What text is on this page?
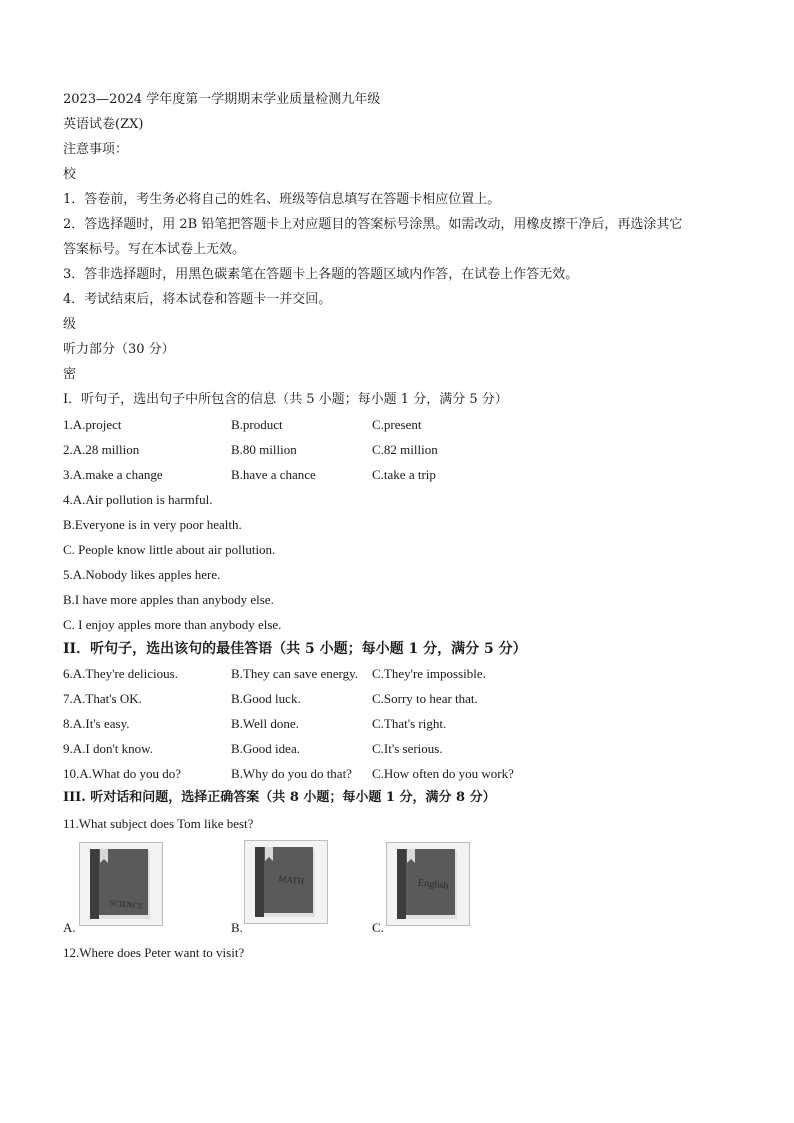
2023—2024 学年度第一学期期末学业质量检测九年级
英语试卷(ZX)
注意事项：
校
1．答卷前，考生务必将自己的姓名、班级等信息填写在答题卡相应位置上。
2．答选择题时，用 2B 铅笔把答题卡上对应题目的答案标号涂黑。如需改动，用橡皮擦干净后，再选涂其它
答案标号。写在本试卷上无效。
3．答非选择题时，用黑色碳素笔在答题卡上各题的答题区域内作答，在试卷上作答无效。
4．考试结束后，将本试卷和答题卡一并交回。
级
听力部分（30 分）
密
I．听句子，选出句子中所包含的信息（共 5 小题；每小题 1 分，满分 5 分）
1.A.project	B.product	C.present
2.A.28 million	B.80 million	C.82 million
3.A.make a change	B.have a chance	C.take a trip
4.A.Air pollution is harmful.
B.Everyone is in very poor health.
C. People know little about air pollution.
5.A.Nobody likes apples here.
B.I have more apples than anybody else.
C. I enjoy apples more than anybody else.
II．听句子，选出该句的最佳答语（共 5 小题；每小题 1 分，满分 5 分）
6.A.They're delicious.	B.They can save energy. C.They're impossible.
7.A.That's OK.	B.Good luck.	C.Sorry to hear that.
8.A.It's easy.	B.Well done.	C.That's right.
9.A.I don't know.	B.Good idea.	C.It's serious.
10.A.What do you do?	B.Why do you do that? C.How often do you work?
III. 听对话和问题，选择正确答案（共 8 小题；每小题 1 分，满分 8 分）
11.What subject does Tom like best?
SCIENCE
MATH	English
A.	B.	C.
12.Where does Peter want to visit?
